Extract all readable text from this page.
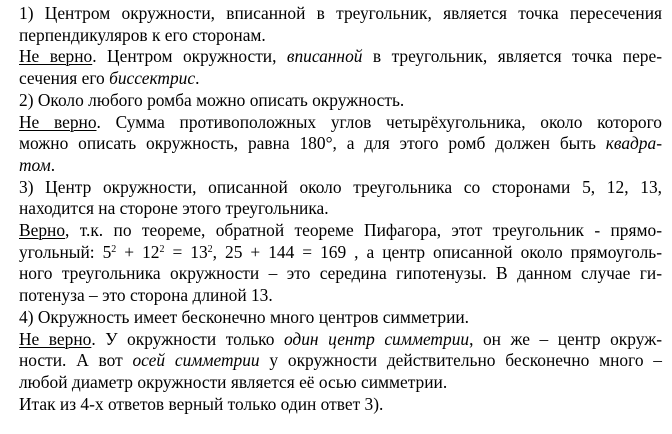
1) Центром окружности, вписанной в треугольник, является точка пересечения
перпендикуляров к его сторонам.
Не верно. Центром окружности, вписанной в треугольник, является точка пере-
сечения его биссектрис.
2) Около любого ромба можно описать окружность.
Не верно. Сумма противоположных углов четырёхугольника, около которого
можно описать окружность, равна 180°, а для этого ромб должен быть квадра-
том.
3) Центр окружности, описанной около треугольника со сторонами 5, 12, 13,
находится на стороне этого треугольника.
Верно, т.к. по теореме, обратной теореме Пифагора, этот треугольник - прямо-
угольный: $5^2 + 12^2 = 13^2$, 25 + 144 = 169 , а центр описанной около прямоуголь-
ного треугольника окружности – это середина гипотенузы. В данном случае ги-
потенуза – это сторона длиной 13.
4) Окружность имеет бесконечно много центров симметрии.
Не верно. У окружности только один центр симметрии, он же – центр окруж-
ности. А вот осей симметрии у окружности действительно бесконечно много –
любой диаметр окружности является её осью симметрии.
Итак из 4-х ответов верный только один ответ 3).
